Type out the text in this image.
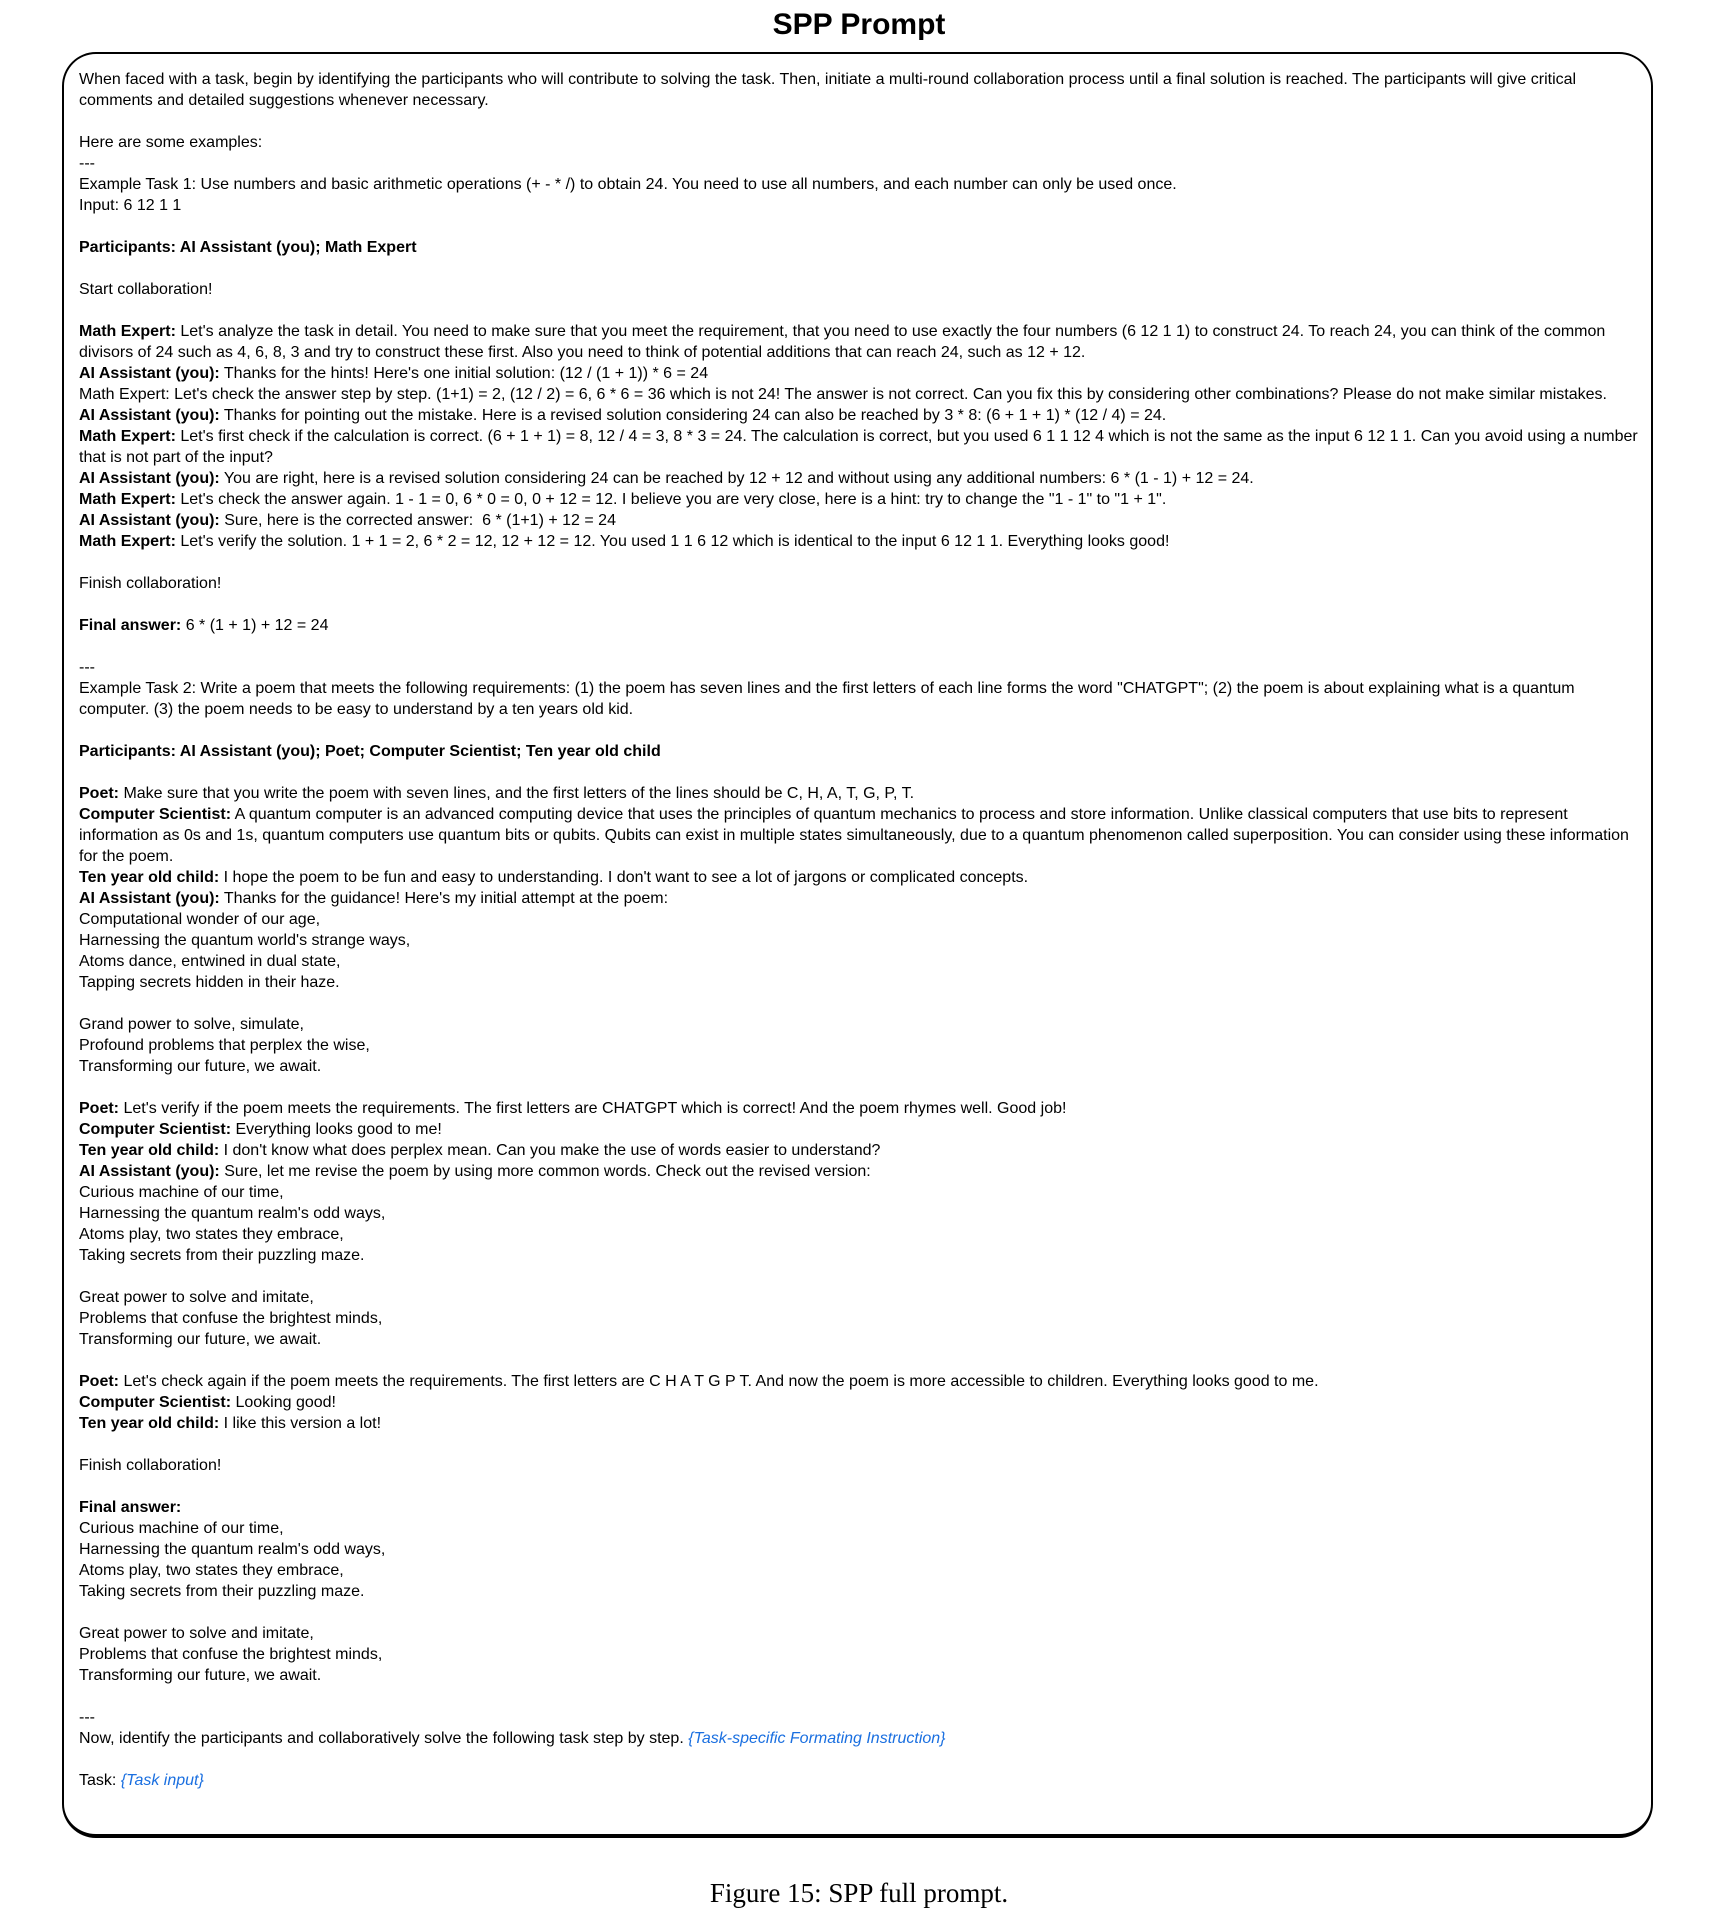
SPP Prompt
When faced with a task, begin by identifying the participants who will contribute to solving the task. Then, initiate a multi-round collaboration process until a final solution is reached. The participants will give critical comments and detailed suggestions whenever necessary.

Here are some examples:
---
Example Task 1: Use numbers and basic arithmetic operations (+ - * /) to obtain 24. You need to use all numbers, and each number can only be used once.
Input: 6 12 1 1

Participants: AI Assistant (you); Math Expert

Start collaboration!

Math Expert: Let's analyze the task in detail. You need to make sure that you meet the requirement, that you need to use exactly the four numbers (6 12 1 1) to construct 24. To reach 24, you can think of the common divisors of 24 such as 4, 6, 8, 3 and try to construct these first. Also you need to think of potential additions that can reach 24, such as 12 + 12.
AI Assistant (you): Thanks for the hints! Here's one initial solution: (12 / (1 + 1)) * 6 = 24
Math Expert: Let's check the answer step by step. (1+1) = 2, (12 / 2) = 6, 6 * 6 = 36 which is not 24! The answer is not correct. Can you fix this by considering other combinations? Please do not make similar mistakes.
AI Assistant (you): Thanks for pointing out the mistake. Here is a revised solution considering 24 can also be reached by 3 * 8: (6 + 1 + 1) * (12 / 4) = 24.
Math Expert: Let's first check if the calculation is correct. (6 + 1 + 1) = 8, 12 / 4 = 3, 8 * 3 = 24. The calculation is correct, but you used 6 1 1 12 4 which is not the same as the input 6 12 1 1. Can you avoid using a number that is not part of the input?
AI Assistant (you): You are right, here is a revised solution considering 24 can be reached by 12 + 12 and without using any additional numbers: 6 * (1 - 1) + 12 = 24.
Math Expert: Let's check the answer again. 1 - 1 = 0, 6 * 0 = 0, 0 + 12 = 12. I believe you are very close, here is a hint: try to change the "1 - 1" to "1 + 1".
AI Assistant (you): Sure, here is the corrected answer:  6 * (1+1) + 12 = 24
Math Expert: Let's verify the solution. 1 + 1 = 2, 6 * 2 = 12, 12 + 12 = 12. You used 1 1 6 12 which is identical to the input 6 12 1 1. Everything looks good!

Finish collaboration!

Final answer: 6 * (1 + 1) + 12 = 24

---
Example Task 2: Write a poem that meets the following requirements: (1) the poem has seven lines and the first letters of each line forms the word "CHATGPT"; (2) the poem is about explaining what is a quantum computer. (3) the poem needs to be easy to understand by a ten years old kid.

Participants: AI Assistant (you); Poet; Computer Scientist; Ten year old child

Poet: Make sure that you write the poem with seven lines, and the first letters of the lines should be C, H, A, T, G, P, T.
Computer Scientist: A quantum computer is an advanced computing device that uses the principles of quantum mechanics to process and store information. Unlike classical computers that use bits to represent information as 0s and 1s, quantum computers use quantum bits or qubits. Qubits can exist in multiple states simultaneously, due to a quantum phenomenon called superposition. You can consider using these information for the poem.
Ten year old child: I hope the poem to be fun and easy to understanding. I don't want to see a lot of jargons or complicated concepts.
AI Assistant (you): Thanks for the guidance! Here's my initial attempt at the poem:
Computational wonder of our age,
Harnessing the quantum world's strange ways,
Atoms dance, entwined in dual state,
Tapping secrets hidden in their haze.

Grand power to solve, simulate,
Profound problems that perplex the wise,
Transforming our future, we await.

Poet: Let's verify if the poem meets the requirements. The first letters are CHATGPT which is correct! And the poem rhymes well. Good job!
Computer Scientist: Everything looks good to me!
Ten year old child: I don't know what does perplex mean. Can you make the use of words easier to understand?
AI Assistant (you): Sure, let me revise the poem by using more common words. Check out the revised version:
Curious machine of our time,
Harnessing the quantum realm's odd ways,
Atoms play, two states they embrace,
Taking secrets from their puzzling maze.

Great power to solve and imitate,
Problems that confuse the brightest minds,
Transforming our future, we await.

Poet: Let's check again if the poem meets the requirements. The first letters are C H A T G P T. And now the poem is more accessible to children. Everything looks good to me.
Computer Scientist: Looking good!
Ten year old child: I like this version a lot!

Finish collaboration!

Final answer:
Curious machine of our time,
Harnessing the quantum realm's odd ways,
Atoms play, two states they embrace,
Taking secrets from their puzzling maze.

Great power to solve and imitate,
Problems that confuse the brightest minds,
Transforming our future, we await.

---
Now, identify the participants and collaboratively solve the following task step by step. {Task-specific Formating Instruction}

Task: {Task input}
Figure 15: SPP full prompt.
